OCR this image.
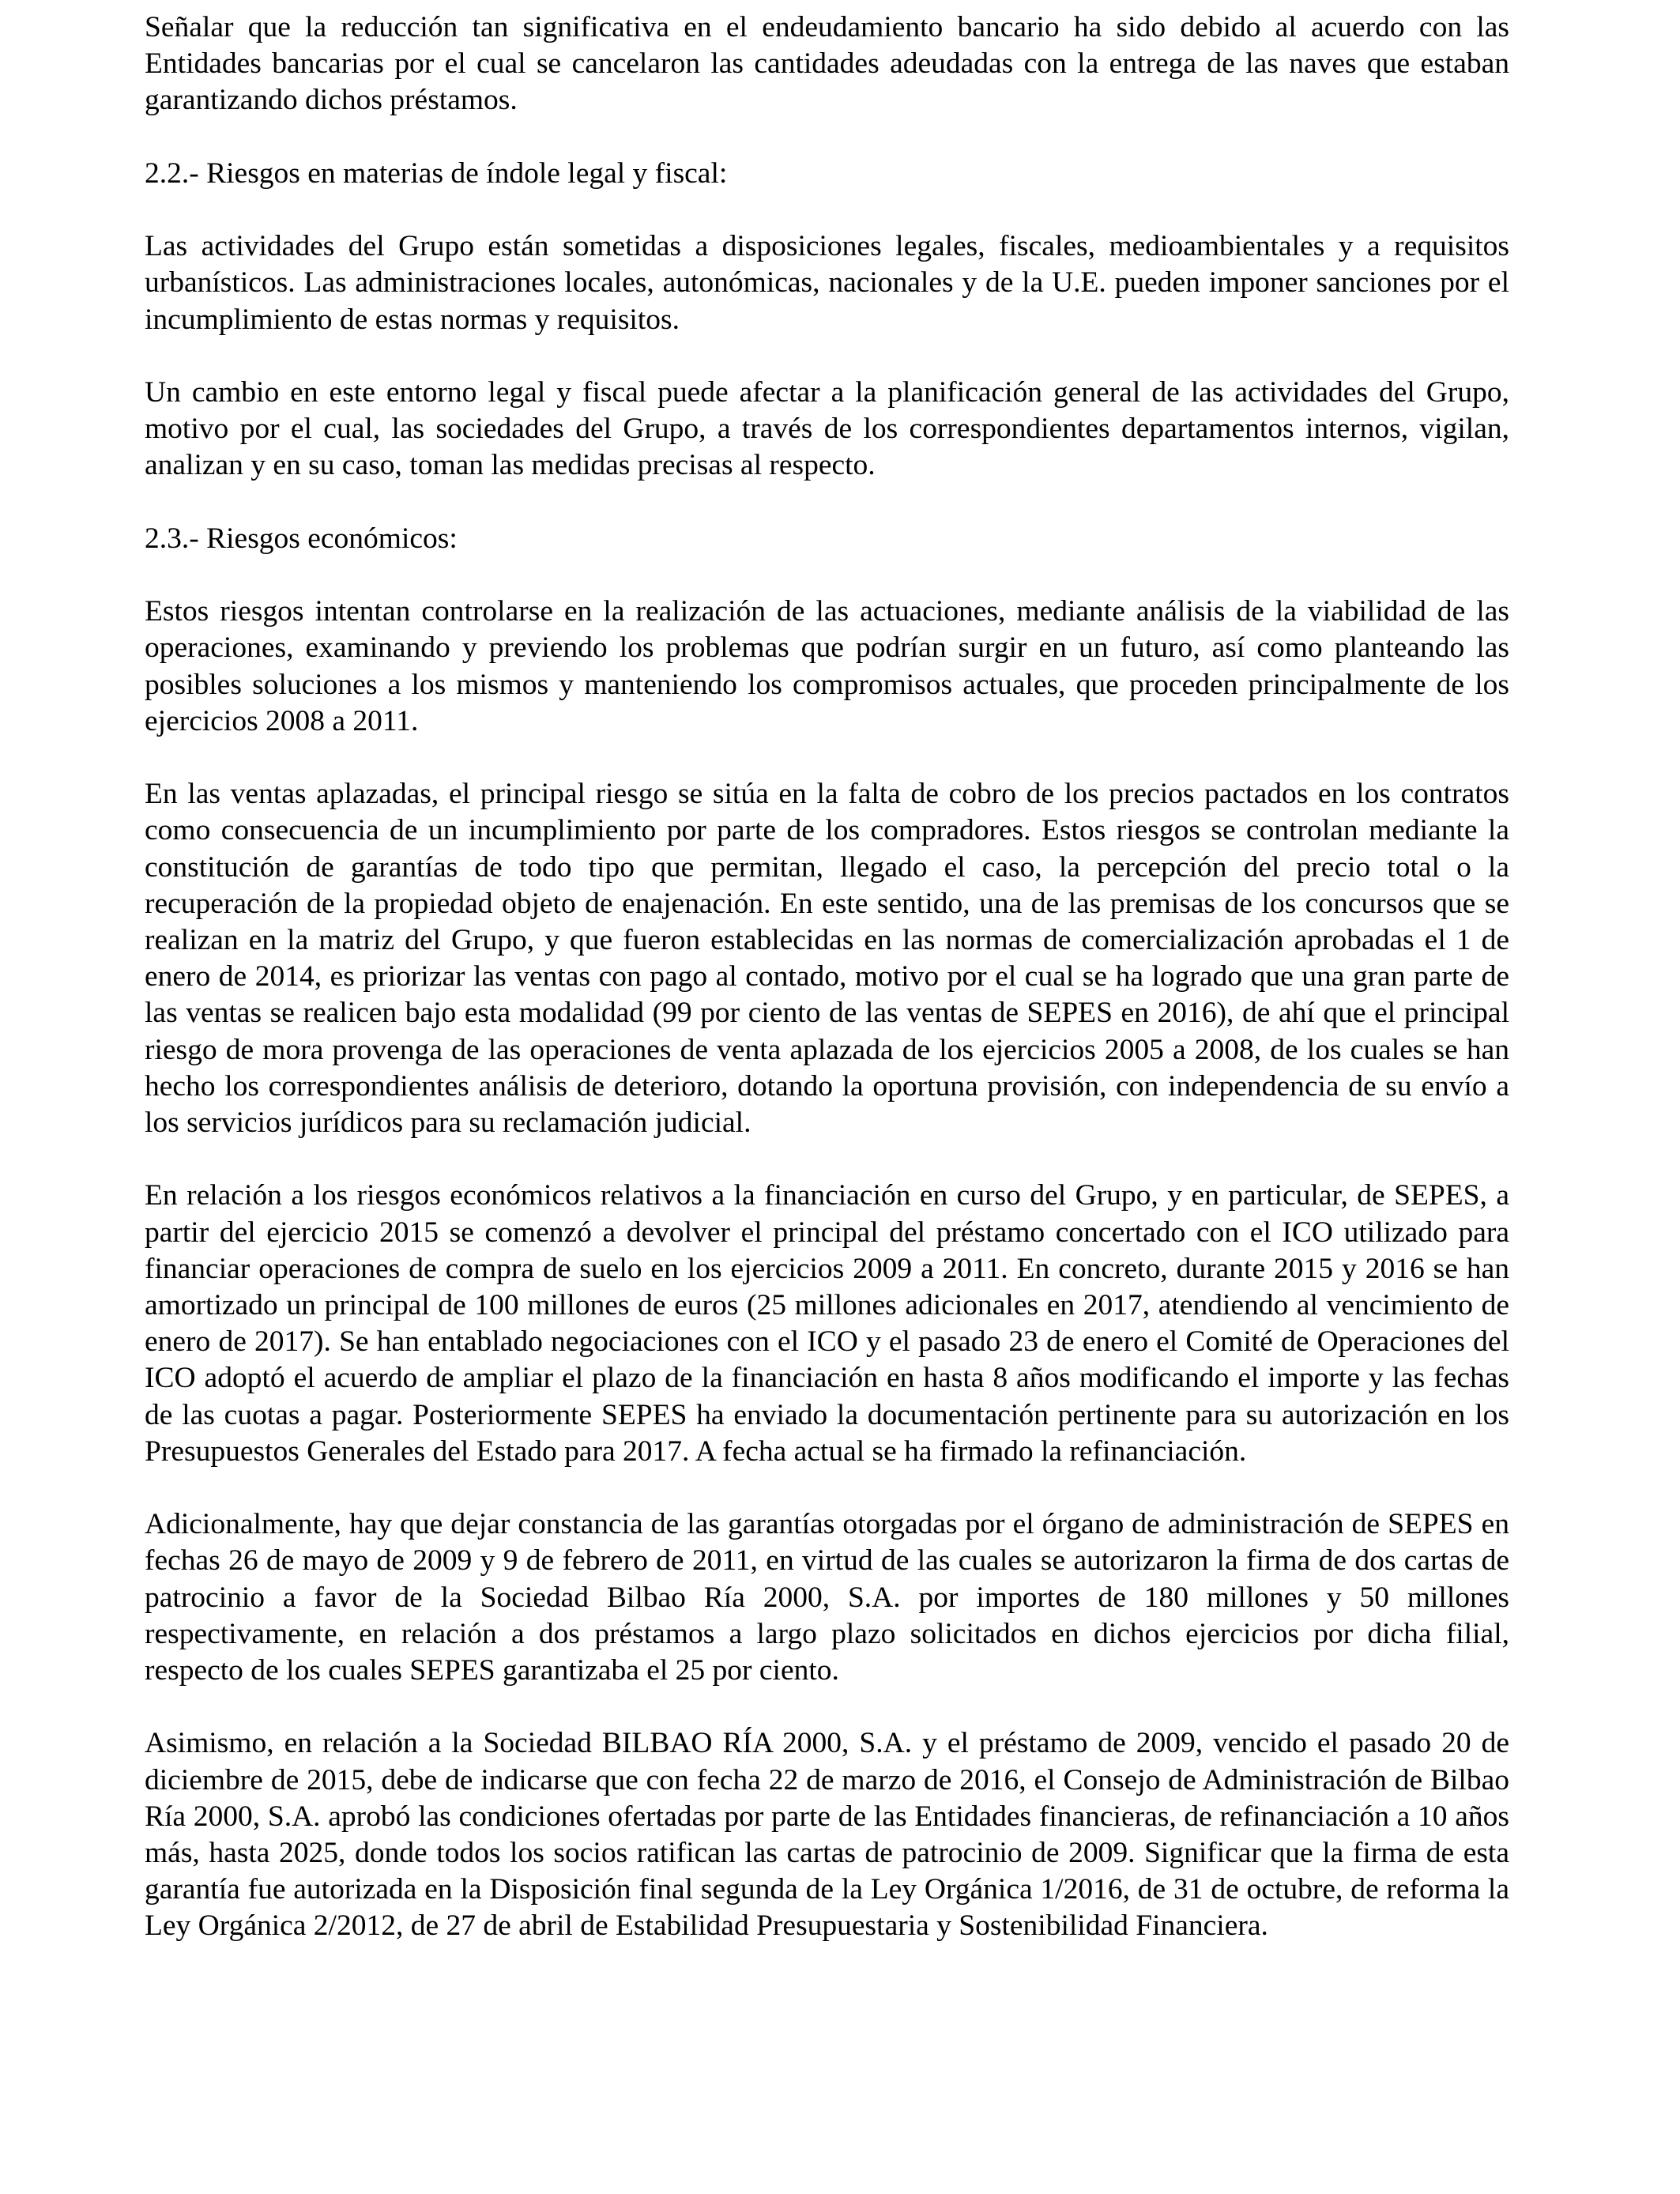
Señalar que la reducción tan significativa en el endeudamiento bancario ha sido debido al acuerdo con las Entidades bancarias por el cual se cancelaron las cantidades adeudadas con la entrega de las naves que estaban garantizando dichos préstamos.

2.2.- Riesgos en materias de índole legal y fiscal:

Las actividades del Grupo están sometidas a disposiciones legales, fiscales, medioambientales y a requisitos urbanísticos. Las administraciones locales, autonómicas, nacionales y de la U.E. pueden imponer sanciones por el incumplimiento de estas normas y requisitos.

Un cambio en este entorno legal y fiscal puede afectar a la planificación general de las actividades del Grupo, motivo por el cual, las sociedades del Grupo, a través de los correspondientes departamentos internos, vigilan, analizan y en su caso, toman las medidas precisas al respecto.

2.3.- Riesgos económicos:

Estos riesgos intentan controlarse en la realización de las actuaciones, mediante análisis de la viabilidad de las operaciones, examinando y previendo los problemas que podrían surgir en un futuro, así como planteando las posibles soluciones a los mismos y manteniendo los compromisos actuales, que proceden principalmente de los ejercicios 2008 a 2011.

En las ventas aplazadas, el principal riesgo se sitúa en la falta de cobro de los precios pactados en los contratos como consecuencia de un incumplimiento por parte de los compradores. Estos riesgos se controlan mediante la constitución de garantías de todo tipo que permitan, llegado el caso, la percepción del precio total o la recuperación de la propiedad objeto de enajenación. En este sentido, una de las premisas de los concursos que se realizan en la matriz del Grupo, y que fueron establecidas en las normas de comercialización aprobadas el 1 de enero de 2014, es priorizar las ventas con pago al contado, motivo por el cual se ha logrado que una gran parte de las ventas se realicen bajo esta modalidad (99 por ciento de las ventas de SEPES en 2016), de ahí que el principal riesgo de mora provenga de las operaciones de venta aplazada de los ejercicios 2005 a 2008, de los cuales se han hecho los correspondientes análisis de deterioro, dotando la oportuna provisión, con independencia de su envío a los servicios jurídicos para su reclamación judicial.

En relación a los riesgos económicos relativos a la financiación en curso del Grupo, y en particular, de SEPES, a partir del ejercicio 2015 se comenzó a devolver el principal del préstamo concertado con el ICO utilizado para financiar operaciones de compra de suelo en los ejercicios 2009 a 2011. En concreto, durante 2015 y 2016 se han amortizado un principal de 100 millones de euros (25 millones adicionales en 2017, atendiendo al vencimiento de enero de 2017). Se han entablado negociaciones con el ICO y el pasado 23 de enero el Comité de Operaciones del ICO adoptó el acuerdo de ampliar el plazo de la financiación en hasta 8 años modificando el importe y las fechas de las cuotas a pagar. Posteriormente SEPES ha enviado la documentación pertinente para su autorización en los Presupuestos Generales del Estado para 2017. A fecha actual se ha firmado la refinanciación.

Adicionalmente, hay que dejar constancia de las garantías otorgadas por el órgano de administración de SEPES en fechas 26 de mayo de 2009 y 9 de febrero de 2011, en virtud de las cuales se autorizaron la firma de dos cartas de patrocinio a favor de la Sociedad Bilbao Ría 2000, S.A. por importes de 180 millones y 50 millones respectivamente, en relación a dos préstamos a largo plazo solicitados en dichos ejercicios por dicha filial, respecto de los cuales SEPES garantizaba el 25 por ciento.

Asimismo, en relación a la Sociedad BILBAO RÍA 2000, S.A. y el préstamo de 2009, vencido el pasado 20 de diciembre de 2015, debe de indicarse que con fecha 22 de marzo de 2016, el Consejo de Administración de Bilbao Ría 2000, S.A. aprobó las condiciones ofertadas por parte de las Entidades financieras, de refinanciación a 10 años más, hasta 2025, donde todos los socios ratifican las cartas de patrocinio de 2009. Significar que la firma de esta garantía fue autorizada en la Disposición final segunda de la Ley Orgánica 1/2016, de 31 de octubre, de reforma la Ley Orgánica 2/2012, de 27 de abril de Estabilidad Presupuestaria y Sostenibilidad Financiera.
